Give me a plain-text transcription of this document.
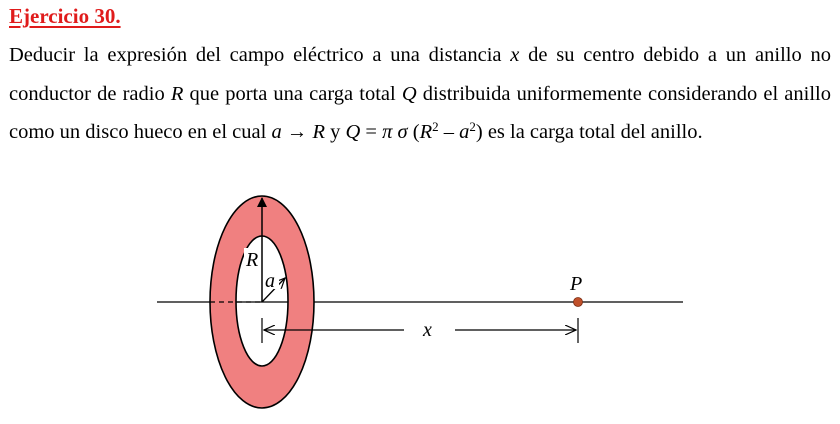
Ejercicio 30.

Deducir la expresión del campo eléctrico a una distancia x de su centro debido a un anillo no conductor de radio R que porta una carga total Q distribuida uniformemente considerando el anillo como un disco hueco en el cual a → R y Q = π σ $(R^2 - a^2)$ es la carga total del anillo.

R
a	P
x
